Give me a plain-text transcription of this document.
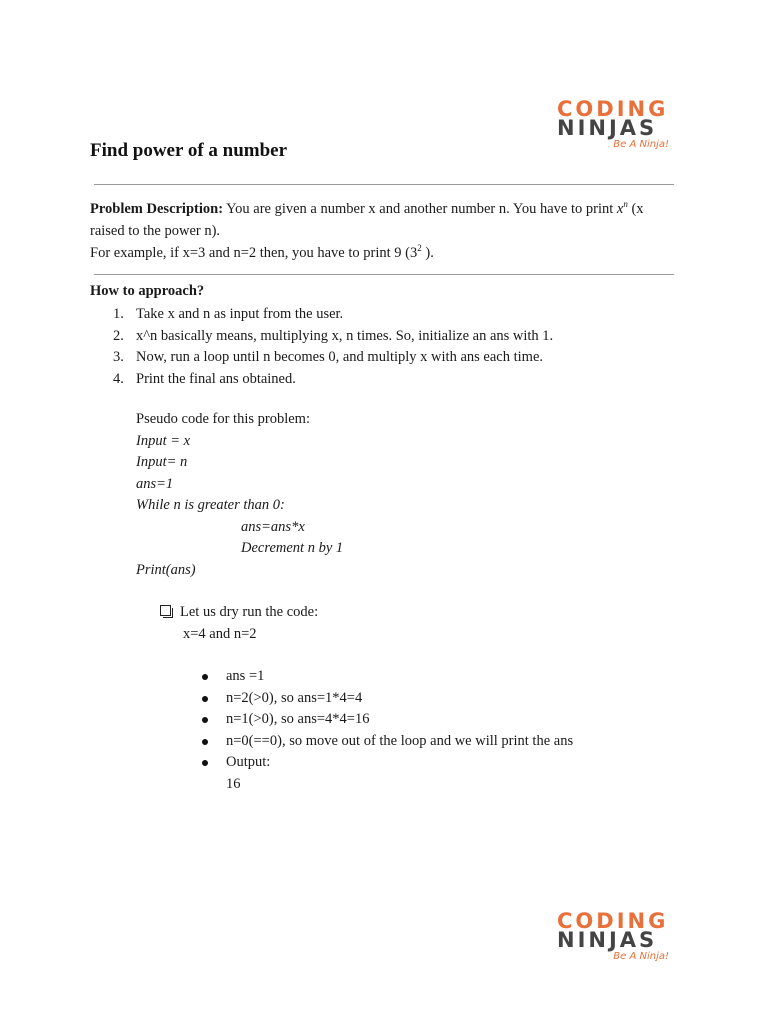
CODING
NINJAS
Be A Ninja!
Find power of a number

Problem Description: You are given a number x and another number n. You have to print $x^n$ (x raised to the power n).

For example, if x=3 and n=2 then, you have to print 9 ($3^2$ ).

How to approach?

1. Take x and n as input from the user.
2. x^n basically means, multiplying x, n times. So, initialize an ans with 1.
3. Now, run a loop until n becomes 0, and multiply x with ans each time.
4. Print the final ans obtained.
Pseudo code for this problem:
Input = x
Input= n
ans=1
While n is greater than 0:
ans=ans*x
Decrement n by 1
Print(ans)
Let us dry run the code:
x=4 and n=2
ans =1
n=2(>0), so ans=1*4=4
n=1(>0), so ans=4*4=16
n=0(==0), so move out of the loop and we will print the ans
Output:
16
CODING
NINJAS
Be A Ninja!
